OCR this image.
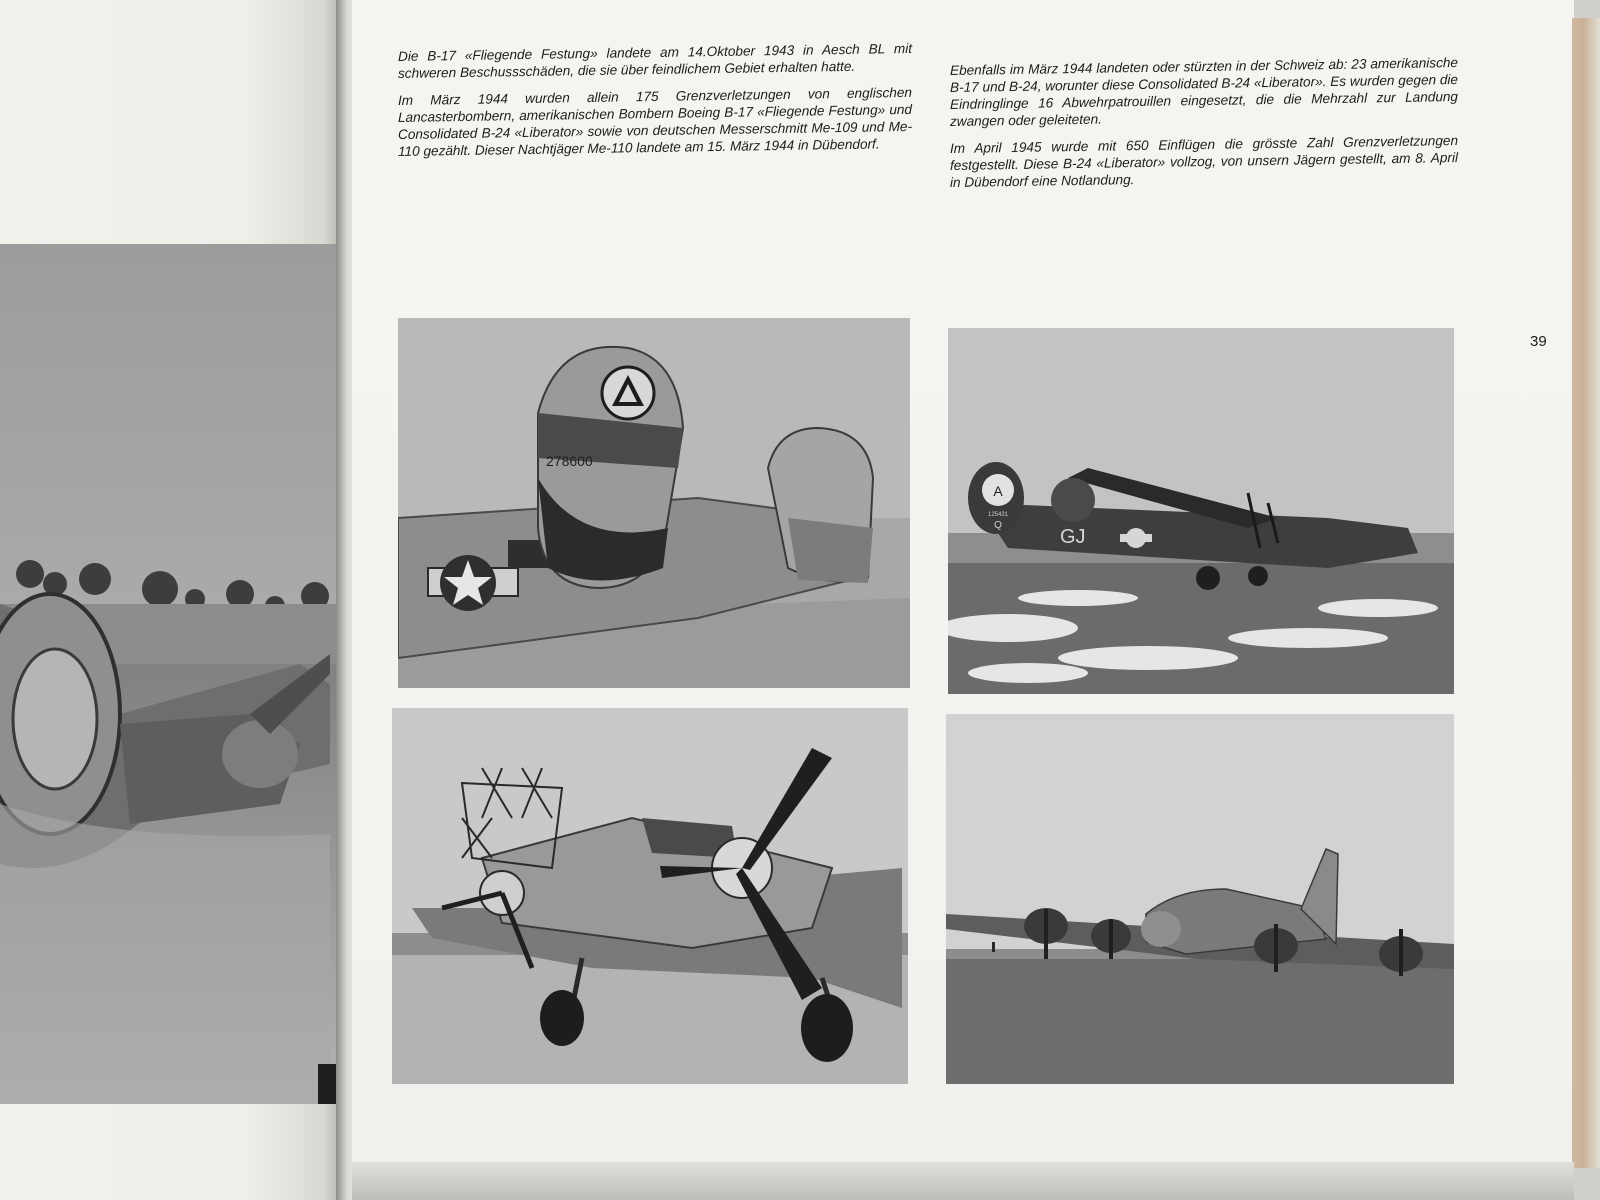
Die B-17 «Fliegende Festung» landete am 14.Oktober 1943 in Aesch BL mit schweren Beschussschäden, die sie über feindlichem Gebiet erhalten hatte.

Im März 1944 wurden allein 175 Grenzverletzungen von englischen Lancasterbombern, amerikanischen Bombern Boeing B-17 «Fliegende Festung» und Consolidated B-24 «Liberator» sowie von deutschen Messerschmitt Me-109 und Me-110 gezählt. Dieser Nachtjäger Me-110 landete am 15. März 1944 in Dübendorf.

Ebenfalls im März 1944 landeten oder stürzten in der Schweiz ab: 23 amerikanische B-17 und B-24, worunter diese Consolidated B-24 «Liberator». Es wurden gegen die Eindringlinge 16 Abwehrpatrouillen eingesetzt, die die Mehrzahl zur Landung zwangen oder geleiteten.

Im April 1945 wurde mit 650 Einflügen die grösste Zahl Grenzverletzungen festgestellt. Diese B-24 «Liberator» vollzog, von unsern Jägern gestellt, am 8. April in Dübendorf eine Notlandung.

39
278600
A
125431
Q
GJ
